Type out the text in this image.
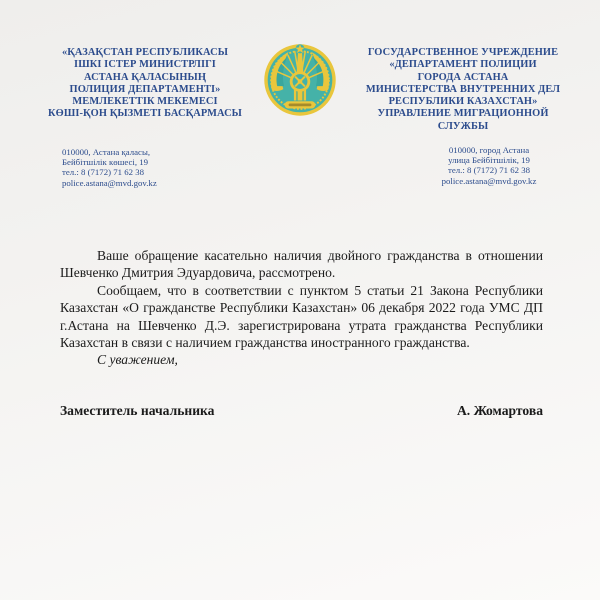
«ҚАЗАҚСТАН РЕСПУБЛИКАСЫ
ІШКІ ІСТЕР МИНИСТРЛІГІ
АСТАНА ҚАЛАСЫНЫҢ
ПОЛИЦИЯ ДЕПАРТАМЕНТІ»
МЕМЛЕКЕТТІК МЕКЕМЕСІ
КӨШІ-ҚОН ҚЫЗМЕТІ БАСҚАРМАСЫ
ГОСУДАРСТВЕННОЕ УЧРЕЖДЕНИЕ
«ДЕПАРТАМЕНТ ПОЛИЦИИ
ГОРОДА АСТАНА
МИНИСТЕРСТВА ВНУТРЕННИХ ДЕЛ
РЕСПУБЛИКИ КАЗАХСТАН»
УПРАВЛЕНИЕ МИГРАЦИОННОЙ
СЛУЖБЫ
010000, Астана қаласы,
Бейбітшілік көшесі, 19
тел.: 8 (7172) 71 62 38
police.astana@mvd.gov.kz
010000, город Астана
улица Бейбітшілік, 19
тел.: 8 (7172) 71 62 38
police.astana@mvd.gov.kz

Ваше обращение касательно наличия двойного гражданства в отношении Шевченко Дмитрия Эдуардовича, рассмотрено.

Сообщаем, что в соответствии с пунктом 5 статьи 21 Закона Республики Казахстан «О гражданстве Республики Казахстан» 06 декабря 2022 года УМС ДП г.Астана на Шевченко Д.Э. зарегистрирована утрата гражданства Республики Казахстан в связи с наличием гражданства иностранного гражданства.

С уважением,

Заместитель начальника	А. Жомартова
